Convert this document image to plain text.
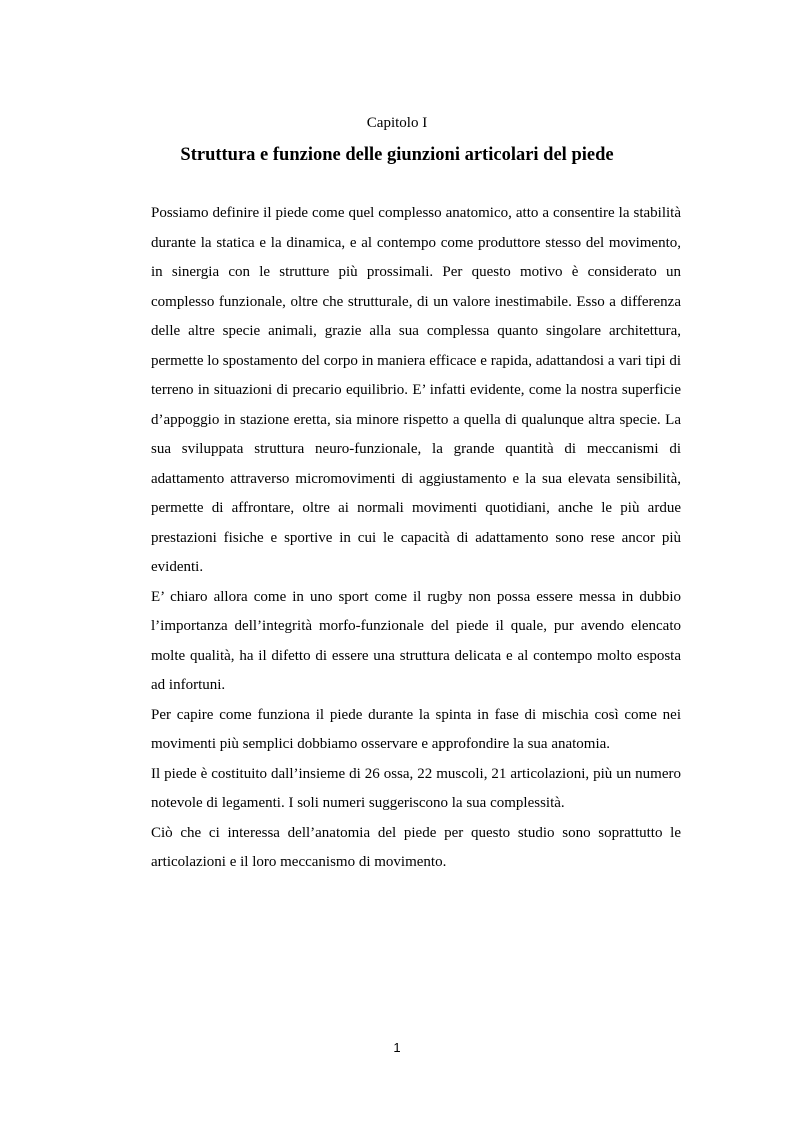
Capitolo I
Struttura e funzione delle giunzioni articolari del piede

Possiamo definire il piede come quel complesso anatomico, atto a consentire la stabilità durante la statica e la dinamica, e al contempo come produttore stesso del movimento, in sinergia con le strutture più prossimali. Per questo motivo è considerato un complesso funzionale, oltre che strutturale, di un valore inestimabile. Esso a differenza delle altre specie animali, grazie alla sua complessa quanto singolare architettura, permette lo spostamento del corpo in maniera efficace e rapida, adattandosi a vari tipi di terreno in situazioni di precario equilibrio. E’ infatti evidente, come la nostra superficie d’appoggio in stazione eretta, sia minore rispetto a quella di qualunque altra specie. La sua sviluppata struttura neuro-funzionale, la grande quantità di meccanismi di adattamento attraverso micromovimenti di aggiustamento e la sua elevata sensibilità, permette di affrontare, oltre ai normali movimenti quotidiani, anche le più ardue prestazioni fisiche e sportive in cui le capacità di adattamento sono rese ancor più evidenti.

E’ chiaro allora come in uno sport come il rugby non possa essere messa in dubbio l’importanza dell’integrità morfo-funzionale del piede il quale, pur avendo elencato molte qualità, ha il difetto di essere una struttura delicata e al contempo molto esposta ad infortuni.

Per capire come funziona il piede durante la spinta in fase di mischia così come nei movimenti più semplici dobbiamo osservare e approfondire la sua anatomia.

Il piede è costituito dall’insieme di 26 ossa, 22 muscoli, 21 articolazioni, più un numero notevole di legamenti. I soli numeri suggeriscono la sua complessità.

Ciò che ci interessa dell’anatomia del piede per questo studio sono soprattutto le articolazioni e il loro meccanismo di movimento.

1
